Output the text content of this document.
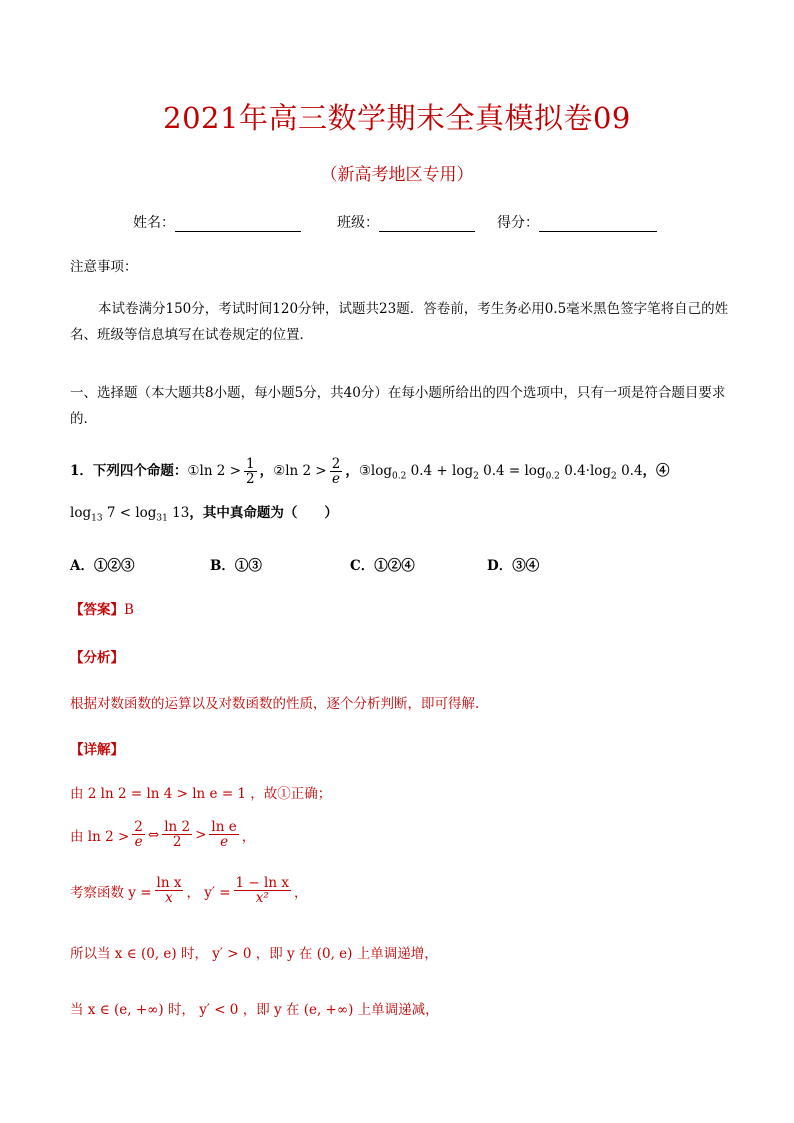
2021年高三数学期末全真模拟卷09
（新高考地区专用）
姓名：	班级：	得分：
注意事项：
本试卷满分150分，考试时间120分钟，试题共23题．答卷前，考生务必用0.5毫米黑色签字笔将自己的姓名、班级等信息填写在试卷规定的位置．
一、选择题（本大题共8小题，每小题5分，共40分）在每小题所给出的四个选项中，只有一项是符合题目要求的．
1．下列四个命题：①ln $2 > \frac{1}{2}$ ，②ln $2 > \frac{2}{e}$ ，$③\log_{0.2}$ $0.4 + \log_2 0.4 = \log_{0.2} 0.4\cdot\log_2$ 0.4，④
$\log_{13} 7 < \log_{31} 13$，其中真命题为（　　）
A．①②③	B．①③	C．①②④	D．③④
【答案】B
【分析】
根据对数函数的运算以及对数函数的性质，逐个分析判断，即可得解.
【详解】
由 2 ln 2 = ln 4 > ln e = 1 ，故①正确；
由 $\ln 2 > \frac{2}{e}$ ⇔ $\frac{\ln 2}{2} > \frac{\text{ln e}}{e}$ ，
考察函数 $y = \frac{\text{ln x}}{x}$ ， $y' = \frac{\text{1 − ln x}}{\text{x²}}$ ，
所以当 x ∈ (0, e) 时， y′ > 0 ，即 y 在 (0, e) 上单调递增，
当 x ∈ (e, +∞) 时， y′ < 0 ，即 y 在 (e, +∞) 上单调递减，
